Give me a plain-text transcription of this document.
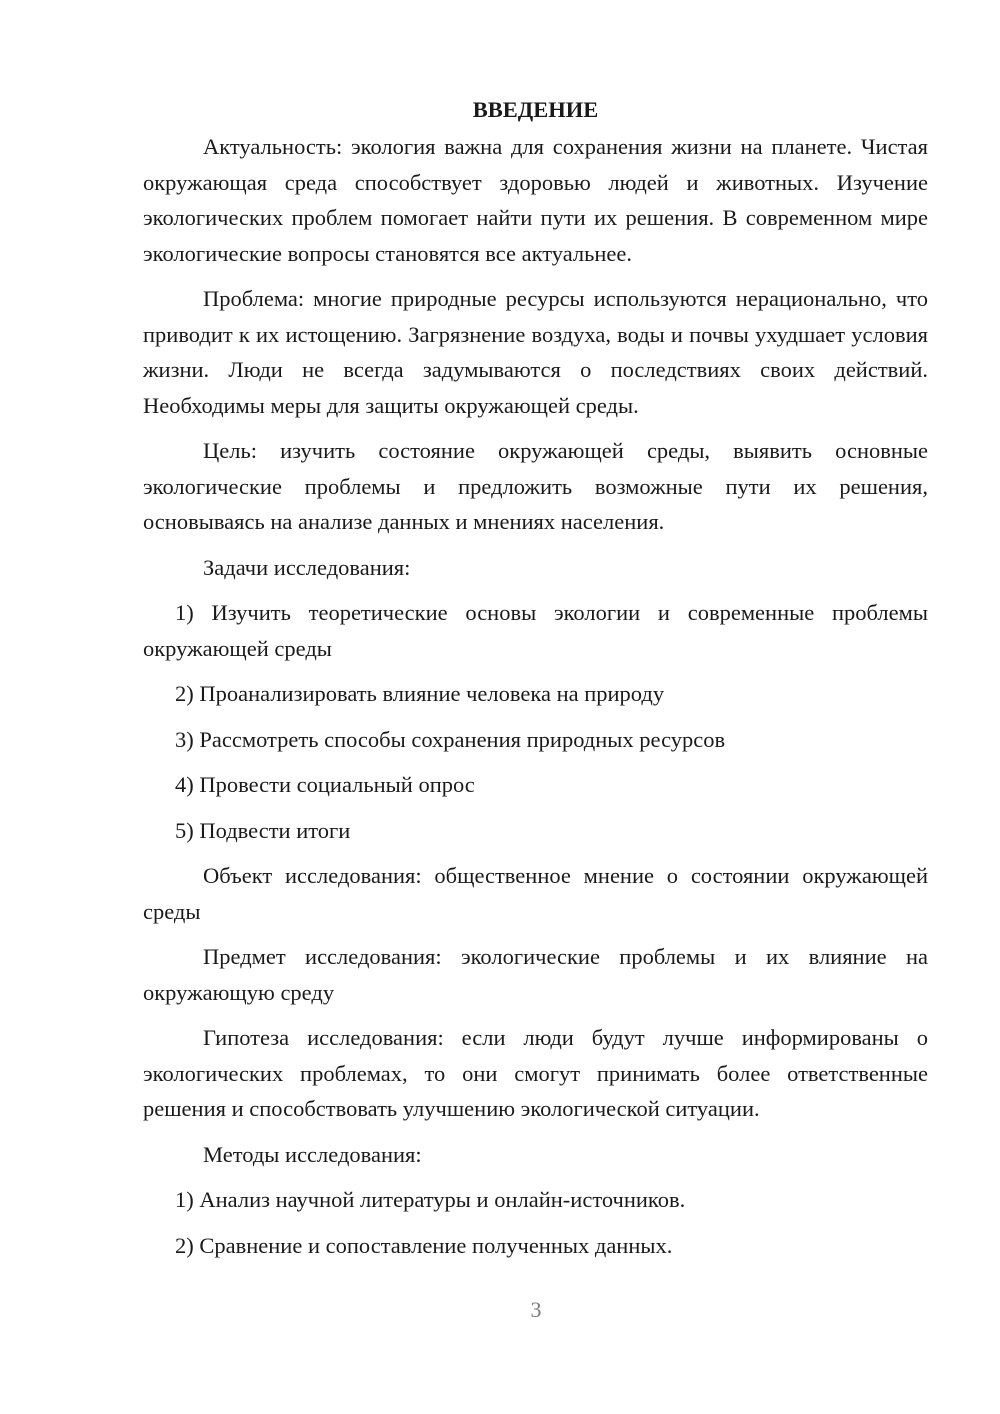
ВВЕДЕНИЕ

Актуальность: экология важна для сохранения жизни на планете. Чистая окружающая среда способствует здоровью людей и животных. Изучение экологических проблем помогает найти пути их решения. В современном мире экологические вопросы становятся все актуальнее.

Проблема: многие природные ресурсы используются нерационально, что приводит к их истощению. Загрязнение воздуха, воды и почвы ухудшает условия жизни. Люди не всегда задумываются о последствиях своих действий. Необходимы меры для защиты окружающей среды.

Цель: изучить состояние окружающей среды, выявить основные экологические проблемы и предложить возможные пути их решения, основываясь на анализе данных и мнениях населения.

Задачи исследования:

1) Изучить теоретические основы экологии и современные проблемы окружающей среды

2) Проанализировать влияние человека на природу

3) Рассмотреть способы сохранения природных ресурсов

4) Провести социальный опрос

5) Подвести итоги

Объект исследования: общественное мнение о состоянии окружающей среды

Предмет исследования: экологические проблемы и их влияние на окружающую среду

Гипотеза исследования: если люди будут лучше информированы о экологических проблемах, то они смогут принимать более ответственные решения и способствовать улучшению экологической ситуации.

Методы исследования:

1) Анализ научной литературы и онлайн-источников.

2) Сравнение и сопоставление полученных данных.

3
